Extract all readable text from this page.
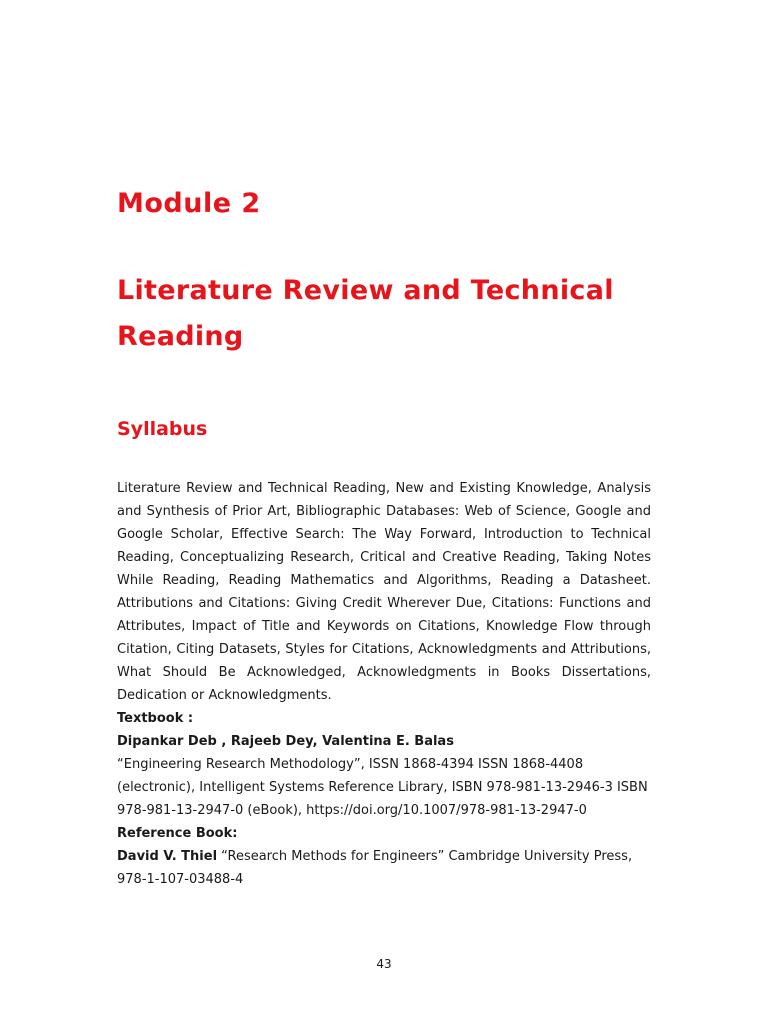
Module 2
Literature Review and Technical Reading
Syllabus

Literature Review and Technical Reading, New and Existing Knowledge, Analysis and Synthesis of Prior Art, Bibliographic Databases: Web of Science, Google and Google Scholar, Effective Search: The Way Forward, Introduction to Technical Reading, Conceptualizing Research, Critical and Creative Reading, Taking Notes While Reading, Reading Mathematics and Algorithms, Reading a Datasheet. Attributions and Citations: Giving Credit Wherever Due, Citations: Functions and Attributes, Impact of Title and Keywords on Citations, Knowledge Flow through Citation, Citing Datasets, Styles for Citations, Acknowledgments and Attributions, What Should Be Acknowledged, Acknowledgments in Books Dissertations, Dedication or Acknowledgments.

Textbook :

Dipankar Deb , Rajeeb Dey, Valentina E. Balas

“Engineering Research Methodology”, ISSN 1868-4394 ISSN 1868-4408 (electronic), Intelligent Systems Reference Library, ISBN 978-981-13-2946-3 ISBN 978-981-13-2947-0 (eBook), https://doi.org/10.1007/978-981-13-2947-0

Reference Book:

David V. Thiel “Research Methods for Engineers” Cambridge University Press, 978-1-107-03488-4

43
